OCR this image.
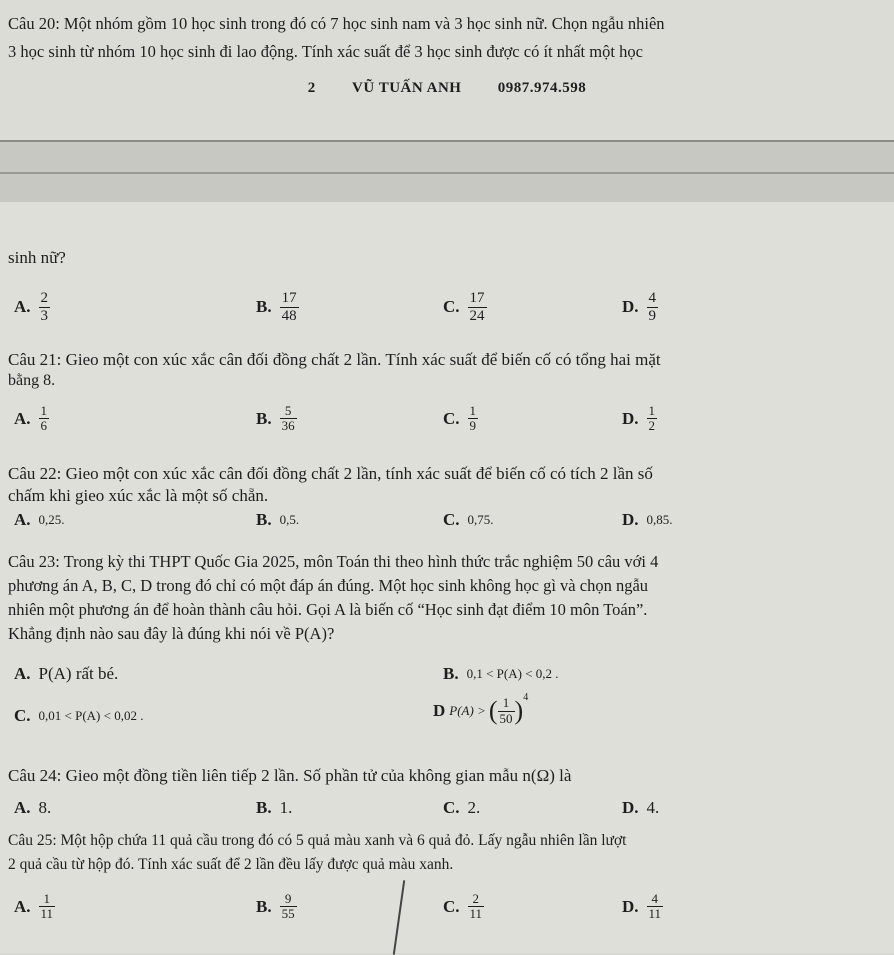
Câu 20: Một nhóm gồm 10 học sinh trong đó có 7 học sinh nam và 3 học sinh nữ. Chọn ngẫu nhiên
3 học sinh từ nhóm 10 học sinh đi lao động. Tính xác suất để 3 học sinh được có ít nhất một học
2 VŨ TUẤN ANH 0987.974.598
sinh nữ?
A. $\frac{2}{3}$	B. $\frac{17}{48}$	C. $\frac{17}{24}$	D. $\frac{4}{9}$
Câu 21: Gieo một con xúc xắc cân đối đồng chất 2 lần. Tính xác suất để biến cố có tổng hai mặt
bằng 8.
A. $\frac{1}{6}$	B. $\frac{5}{36}$	C. $\frac{1}{9}$	D. $\frac{1}{2}$
Câu 22: Gieo một con xúc xắc cân đối đồng chất 2 lần, tính xác suất để biến cố có tích 2 lần số
chấm khi gieo xúc xắc là một số chẵn.
A. 0,25.	B. 0,5.	C. 0,75.	D. 0,85.
Câu 23: Trong kỳ thi THPT Quốc Gia 2025, môn Toán thi theo hình thức trắc nghiệm 50 câu với 4
phương án A, B, C, D trong đó chỉ có một đáp án đúng. Một học sinh không học gì và chọn ngẫu
nhiên một phương án để hoàn thành câu hỏi. Gọi A là biến cố “Học sinh đạt điểm 10 môn Toán”.
Khẳng định nào sau đây là đúng khi nói về P(A)?
A. P(A) rất bé.	B. 0,1 < P(A) < 0,2 .
C. 0,01 < P(A) < 0,02 .	D P(A) > ( $\frac{1}{50}$ ) 4
Câu 24: Gieo một đồng tiền liên tiếp 2 lần. Số phần tử của không gian mẫu n(Ω) là
A. 8.	B. 1.	C. 2.	D. 4.
Câu 25: Một hộp chứa 11 quả cầu trong đó có 5 quả màu xanh và 6 quả đỏ. Lấy ngẫu nhiên lần lượt
2 quả cầu từ hộp đó. Tính xác suất để 2 lần đều lấy được quả màu xanh.
A. $\frac{1}{11}$	B. $\frac{9}{55}$	C. $\frac{2}{11}$	D. $\frac{4}{11}$
